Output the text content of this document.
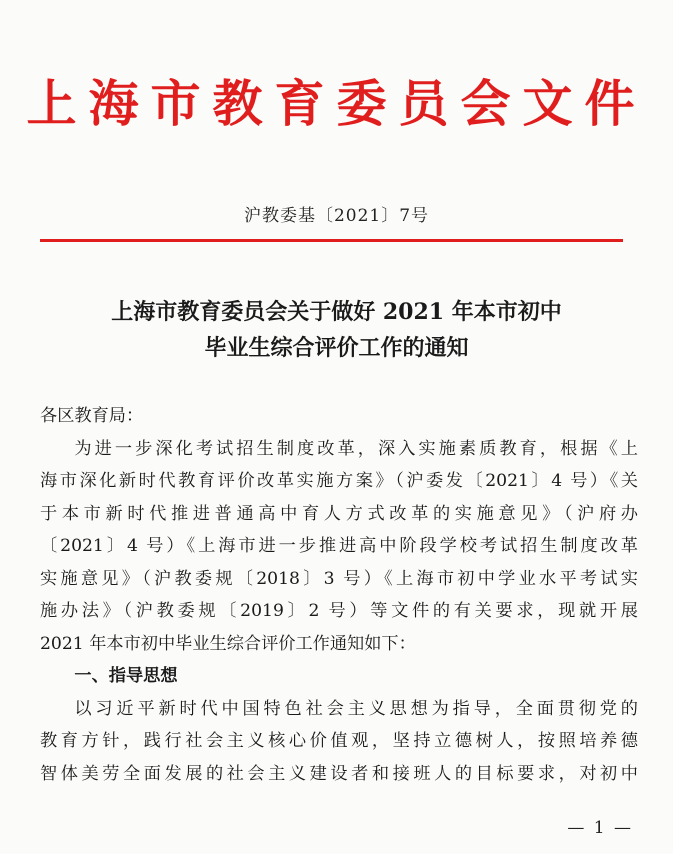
上海市教育委员会文件
沪教委基〔2021〕7号
上海市教育委员会关于做好 2021 年本市初中
毕业生综合评价工作的通知
各区教育局：
为进一步深化考试招生制度改革，深入实施素质教育，根据《上
海市深化新时代教育评价改革实施方案》（沪委发〔2021〕4 号）《关
于本市新时代推进普通高中育人方式改革的实施意见》（沪府办
〔2021〕4 号）《上海市进一步推进高中阶段学校考试招生制度改革
实施意见》（沪教委规〔2018〕3 号）《上海市初中学业水平考试实
施办法》（沪教委规〔2019〕2 号）等文件的有关要求，现就开展
2021 年本市初中毕业生综合评价工作通知如下：
一、指导思想
以习近平新时代中国特色社会主义思想为指导，全面贯彻党的
教育方针，践行社会主义核心价值观，坚持立德树人，按照培养德
智体美劳全面发展的社会主义建设者和接班人的目标要求，对初中
— 1 —
